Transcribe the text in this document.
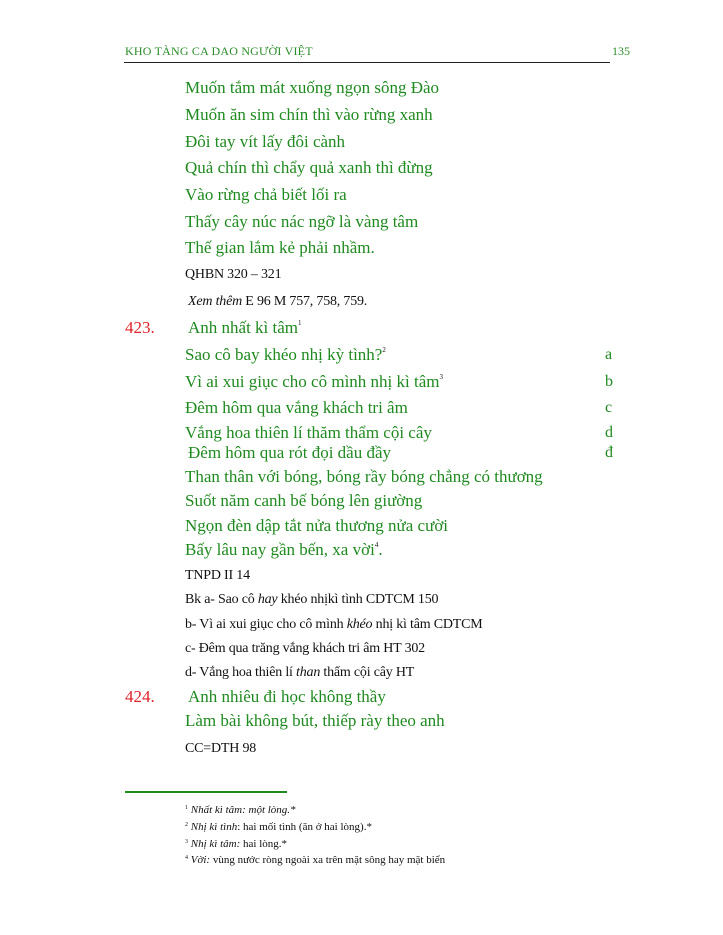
KHO TÀNG CA DAO NGƯỜI VIỆT	135
Muốn tắm mát xuống ngọn sông Đào
Muốn ăn sim chín thì vào rừng xanh
Đôi tay vít lấy đôi cành
Quả chín thì chẩy quả xanh thì đừng
Vào rừng chả biết lối ra
Thấy cây núc nác ngỡ là vàng tâm
Thế gian lắm kẻ phải nhầm.
QHBN 320 – 321
Xem thêm E 96 M 757, 758, 759.
423. Anh nhất kì tâm$^1$
Sao cô bay khéo nhị kỳ tình?$^2$	a
Vì ai xui giục cho cô mình nhị kì tâm$^3$	b
Đêm hôm qua vắng khách tri âm	c
Vắng hoa thiên lí thăm thẩm cội cây	d
Đêm hôm qua rót đọi dầu đầy	đ
Than thân với bóng, bóng rầy bóng chẳng có thương
Suốt năm canh bế bóng lên giường
Ngọn đèn dập tắt nửa thương nửa cười
Bấy lâu nay gần bến, xa vời$^4$.
TNPD II 14
Bk a- Sao cô hay khéo nhịkì tình CDTCM 150
b- Vì ai xui giục cho cô mình khéo nhị kì tâm CDTCM
c- Đêm qua trăng vắng khách tri âm HT 302
d- Vắng hoa thiên lí than thẩm cội cây HT
424. Anh nhiêu đi học không thầy
Làm bài không bút, thiếp rày theo anh
CC=DTH 98
$^1$ Nhất kì tâm: một lòng.*
$^2$ Nhị kì tình: hai mối tình (ăn ở hai lòng).*
$^3$ Nhị kì tâm: hai lòng.*
$^4$ Vời: vùng nước ròng ngoài xa trên mặt sông hay mặt biển
